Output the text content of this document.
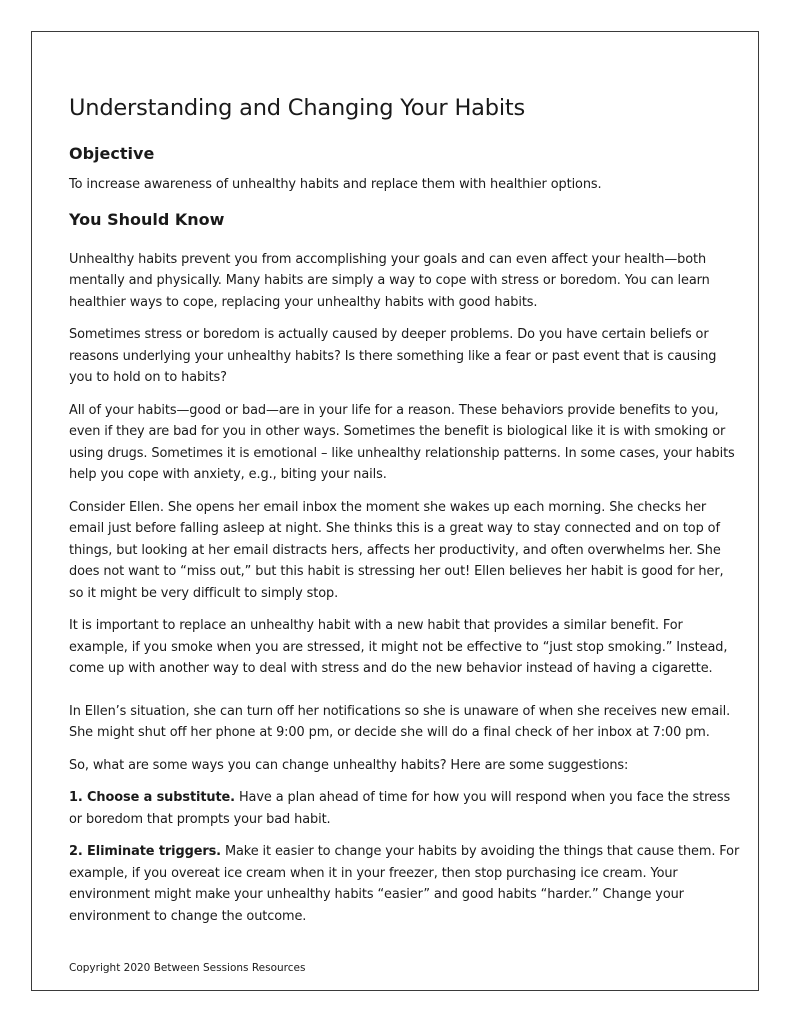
Understanding and Changing Your Habits
Objective

To increase awareness of unhealthy habits and replace them with healthier options.

You Should Know

Unhealthy habits prevent you from accomplishing your goals and can even affect your health—both mentally and physically. Many habits are simply a way to cope with stress or boredom. You can learn healthier ways to cope, replacing your unhealthy habits with good habits.

Sometimes stress or boredom is actually caused by deeper problems. Do you have certain beliefs or reasons underlying your unhealthy habits? Is there something like a fear or past event that is causing you to hold on to habits?

All of your habits—good or bad—are in your life for a reason. These behaviors provide benefits to you, even if they are bad for you in other ways. Sometimes the benefit is biological like it is with smoking or using drugs. Sometimes it is emotional – like unhealthy relationship patterns. In some cases, your habits help you cope with anxiety, e.g., biting your nails.

Consider Ellen. She opens her email inbox the moment she wakes up each morning. She checks her email just before falling asleep at night. She thinks this is a great way to stay connected and on top of things, but looking at her email distracts hers, affects her productivity, and often overwhelms her. She does not want to “miss out,” but this habit is stressing her out! Ellen believes her habit is good for her, so it might be very difficult to simply stop.

It is important to replace an unhealthy habit with a new habit that provides a similar benefit. For example, if you smoke when you are stressed, it might not be effective to “just stop smoking.” Instead, come up with another way to deal with stress and do the new behavior instead of having a cigarette.

In Ellen’s situation, she can turn off her notifications so she is unaware of when she receives new email. She might shut off her phone at 9:00 pm, or decide she will do a final check of her inbox at 7:00 pm.

So, what are some ways you can change unhealthy habits? Here are some suggestions:

1. Choose a substitute. Have a plan ahead of time for how you will respond when you face the stress or boredom that prompts your bad habit.

2. Eliminate triggers. Make it easier to change your habits by avoiding the things that cause them. For example, if you overeat ice cream when it in your freezer, then stop purchasing ice cream. Your environment might make your unhealthy habits “easier” and good habits “harder.” Change your environment to change the outcome.

Copyright 2020 Between Sessions Resources
